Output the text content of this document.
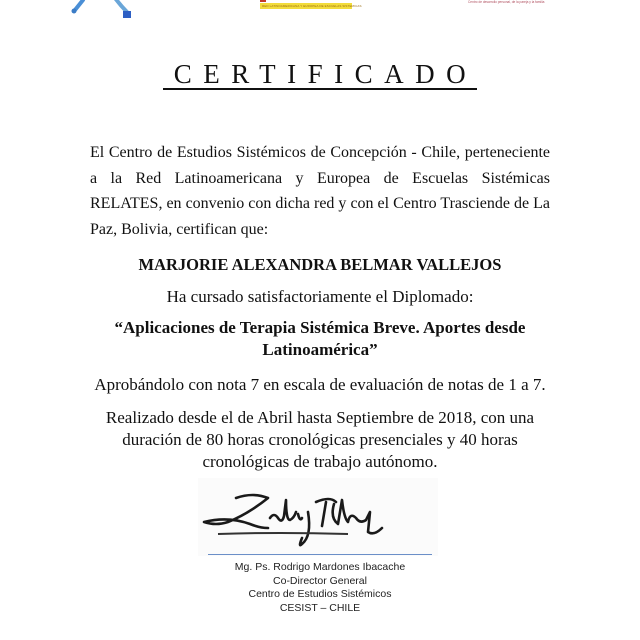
RED LATINOAMERICANA Y EUROPEA DE ESCUELAS SISTEMICAS
Centro de desarrollo personal, de la pareja y la familia
CERTIFICADO
El Centro de Estudios Sistémicos de Concepción - Chile, perteneciente a la Red Latinoamericana y Europea de Escuelas Sistémicas RELATES, en convenio con dicha red y con el Centro Trasciende de La Paz, Bolivia, certifican que:
MARJORIE ALEXANDRA BELMAR VALLEJOS
Ha cursado satisfactoriamente el Diplomado:
“Aplicaciones de Terapia Sistémica Breve. Aportes desde
Latinoamérica”
Aprobándolo con nota 7 en escala de evaluación de notas de 1 a 7.
Realizado desde el de Abril hasta Septiembre de 2018, con una
duración de 80 horas cronológicas presenciales y 40 horas
cronológicas de trabajo autónomo.
Mg. Ps. Rodrigo Mardones Ibacache
Co-Director General
Centro de Estudios Sistémicos
CESIST – CHILE
